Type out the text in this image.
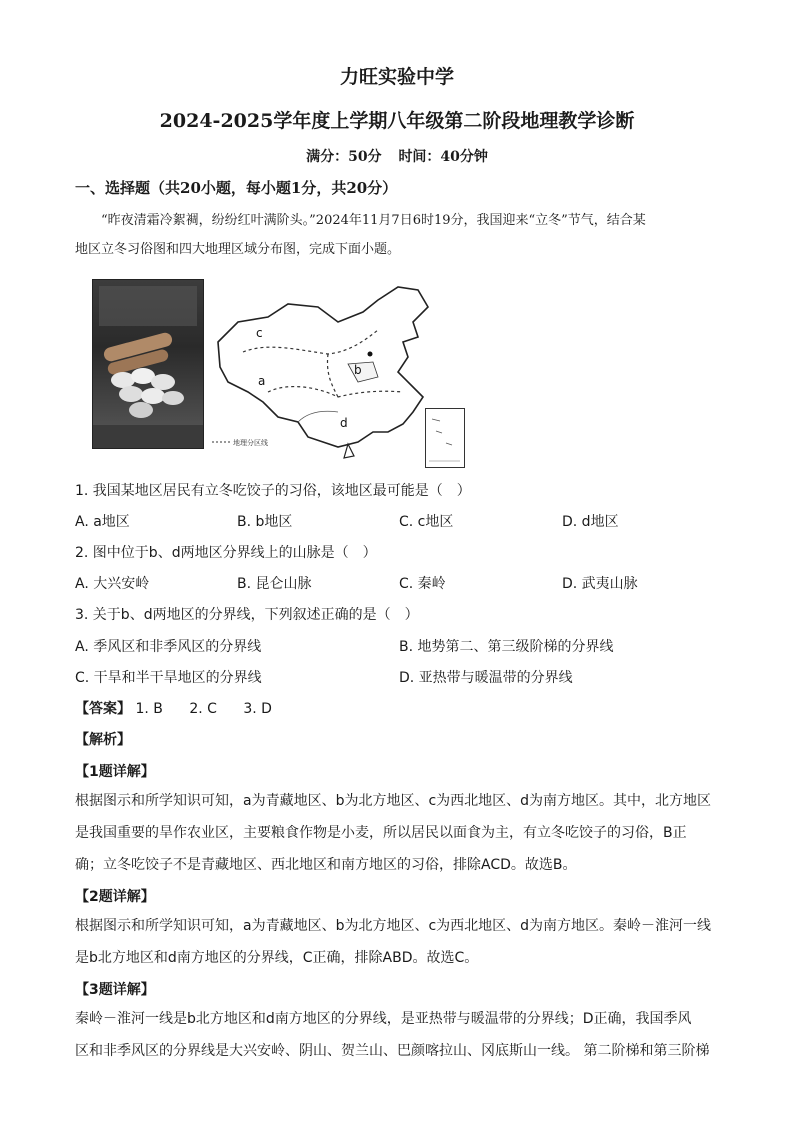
力旺实验中学
2024-2025学年度上学期八年级第二阶段地理教学诊断
满分：50分 时间：40分钟
一、选择题（共20小题，每小题1分，共20分）
“昨夜清霜冷絮裯，纷纷红叶满阶头。”2024年11月7日6时19分，我国迎来“立冬”节气，结合某
地区立冬习俗图和四大地理区域分布图，完成下面小题。
c
a
b
d
地理分区线
1. 我国某地区居民有立冬吃饺子的习俗，该地区最可能是（　）
A. a地区	B. b地区	C. c地区	D. d地区
2. 图中位于b、d两地区分界线上的山脉是（　）
A. 大兴安岭	B. 昆仑山脉	C. 秦岭	D. 武夷山脉
3. 关于b、d两地区的分界线，下列叙述正确的是（　）
A. 季风区和非季风区的分界线	B. 地势第二、第三级阶梯的分界线
C. 干旱和半干旱地区的分界线	D. 亚热带与暖温带的分界线
【答案】 1. B 2. C 3. D
【解析】
【1题详解】
根据图示和所学知识可知，a为青藏地区、b为北方地区、c为西北地区、d为南方地区。其中，北方地区
是我国重要的旱作农业区，主要粮食作物是小麦，所以居民以面食为主，有立冬吃饺子的习俗，B正
确；立冬吃饺子不是青藏地区、西北地区和南方地区的习俗，排除ACD。故选B。
【2题详解】
根据图示和所学知识可知，a为青藏地区、b为北方地区、c为西北地区、d为南方地区。秦岭－淮河一线
是b北方地区和d南方地区的分界线，C正确，排除ABD。故选C。
【3题详解】
秦岭－淮河一线是b北方地区和d南方地区的分界线，是亚热带与暖温带的分界线；D正确，我国季风
区和非季风区的分界线是大兴安岭、阴山、贺兰山、巴颜喀拉山、冈底斯山一线。 第二阶梯和第三阶梯
